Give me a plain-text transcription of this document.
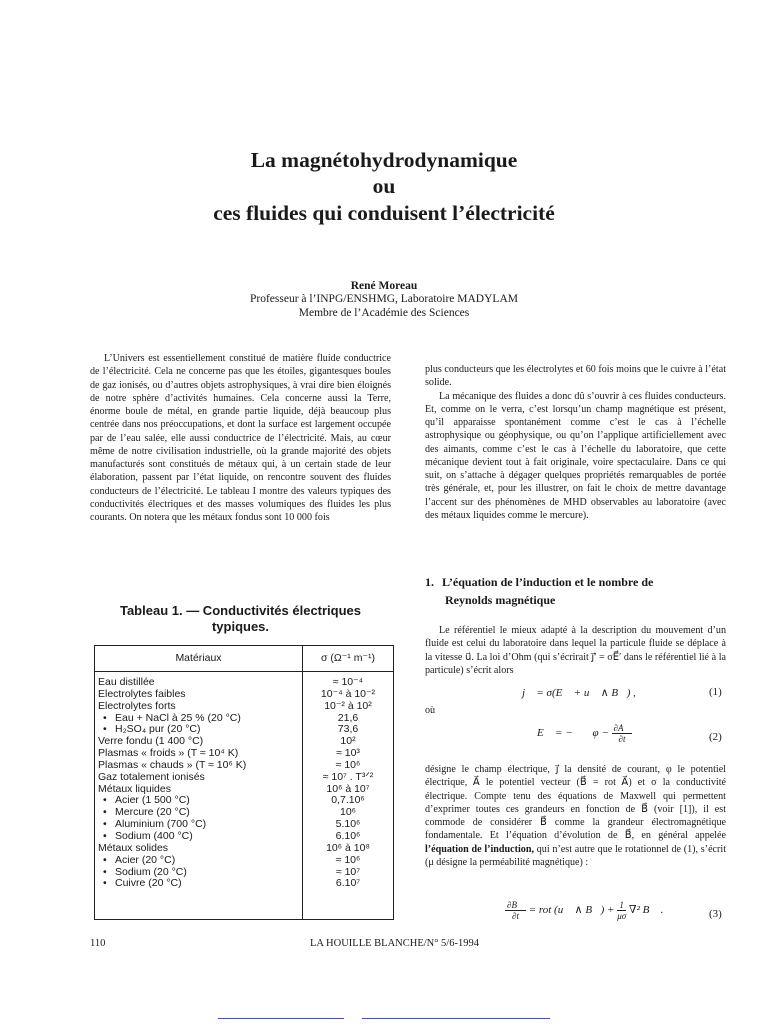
La magnétohydrodynamique
ou
ces fluides qui conduisent l’électricité
René Moreau
Professeur à l’INPG/ENSHMG, Laboratoire MADYLAM
Membre de l’Académie des Sciences

L’Univers est essentiellement constitué de matière fluide conductrice de l’électricité. Cela ne concerne pas que les étoiles, gigantesques boules de gaz ionisés, ou d’autres objets astrophysiques, à vrai dire bien éloignés de notre sphère d’activités humaines. Cela concerne aussi la Terre, énorme boule de métal, en grande partie liquide, déjà beaucoup plus centrée dans nos préoccupations, et dont la surface est largement occupée par de l’eau salée, elle aussi conductrice de l’électricité. Mais, au cœur même de notre civilisation industrielle, où la grande majorité des objets manufacturés sont constitués de métaux qui, à un certain stade de leur élaboration, passent par l’état liquide, on rencontre souvent des fluides conducteurs de l’électricité. Le tableau I montre des valeurs typiques des conductivités électriques et des masses volumiques des fluides les plus courants. On notera que les métaux fondus sont 10 000 fois

Tableau 1. — Conductivités électriques
typiques.
Matériaux	σ (Ω⁻¹ m⁻¹)
Eau distillée	≈ 10⁻⁴
Electrolytes faibles	10⁻⁴ à 10⁻²
Electrolytes forts	10⁻² à 10²
• Eau + NaCl à 25 % (20 °C)	21,6
• H₂SO₄ pur (20 °C)	73,6
Verre fondu (1 400 °C)	10²
Plasmas « froids » (T ≈ 10⁴ K)	≈ 10³
Plasmas « chauds » (T ≈ 10⁶ K)	≈ 10⁶
Gaz totalement ionisés	≈ 10⁷ . T³ᐟ²
Métaux liquides	10⁶ à 10⁷
• Acier (1 500 °C)	0,7.10⁶
• Mercure (20 °C)	10⁶
• Aluminium (700 °C)	5.10⁶
• Sodium (400 °C)	6.10⁶
Métaux solides	10⁶ à 10⁸
• Acier (20 °C)	≈ 10⁶
• Sodium (20 °C)	≈ 10⁷
• Cuivre (20 °C)	6.10⁷

plus conducteurs que les électrolytes et 60 fois moins que le cuivre à l’état solide.

La mécanique des fluides a donc dû s’ouvrir à ces fluides conducteurs. Et, comme on le verra, c’est lorsqu’un champ magnétique est présent, qu’il apparaisse spontanément comme c’est le cas à l’échelle astrophysique ou géophysique, ou qu’on l’applique artificiellement avec des aimants, comme c’est le cas à l’échelle du laboratoire, que cette mécanique devient tout à fait originale, voire spectaculaire. Dans ce qui suit, on s’attache à dégager quelques propriétés remarquables de portée très générale, et, pour les illustrer, on fait le choix de mettre davantage l’accent sur des phénomènes de MHD observables au laboratoire (avec des métaux liquides comme le mercure).

1. L’équation de l’induction et le nombre de
Reynolds magnétique

Le référentiel le mieux adapté à la description du mouvement d’un fluide est celui du laboratoire dans lequel la particule fluide se déplace à la vitesse u⃗. La loi d’Ohm (qui s’écrirait j⃗′ = σE⃗′ dans le référentiel lié à la particule) s’écrit alors

j⃗ = σ(E⃗ + u⃗ ∧ B⃗) ,	(1)
où
E⃗ = − ∇⃗φ − $\frac{\partial A⃗}{\partial t}$	(2)

désigne le champ électrique, j⃗ la densité de courant, φ le potentiel électrique, A⃗ le potentiel vecteur (B⃗ = rot A⃗) et σ la conductivité électrique. Compte tenu des équations de Maxwell qui permettent d’exprimer toutes ces grandeurs en fonction de B⃗ (voir [1]), il est commode de considérer B⃗ comme la grandeur électromagnétique fondamentale. Et l’équation d’évolution de B⃗, en général appelée l’équation de l’induction, qui n’est autre que le rotationnel de (1), s’écrit (μ désigne la perméabilité magnétique) :

$\frac{\partial B⃗}{\partial t}$ = rot (u⃗ ∧ B⃗) + $\frac{1}{\mu\sigma} \nabla^2$ B⃗ .	(3)
110	LA HOUILLE BLANCHE/N° 5/6-1994
